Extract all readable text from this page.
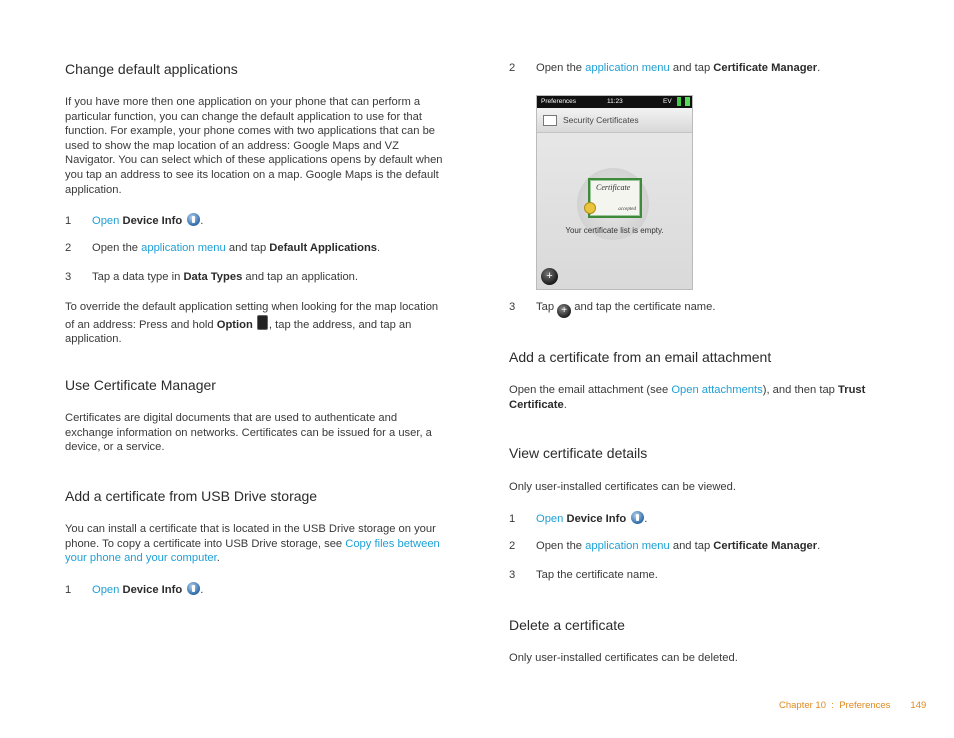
Change default applications

If you have more then one application on your phone that can perform a particular function, you can change the default application to use for that function. For example, your phone comes with two applications that can be used to show the map location of an address: Google Maps and VZ Navigator. You can select which of these applications opens by default when you tap an address to see its location on a map. Google Maps is the default application.

1 Open Device Info .
2 Open the application menu and tap Default Applications.
3 Tap a data type in Data Types and tap an application.

To override the default application setting when looking for the map location of an address: Press and hold Option , tap the address, and tap an application.

Use Certificate Manager

Certificates are digital documents that are used to authenticate and exchange information on networks. Certificates can be issued for a user, a device, or a service.

Add a certificate from USB Drive storage

You can install a certificate that is located in the USB Drive storage on your phone. To copy a certificate into USB Drive storage, see Copy files between your phone and your computer.

1 Open Device Info .
2 Open the application menu and tap Certificate Manager.
Preferences	11:23	EV
Security Certificates
Certificate
accepted
Your certificate list is empty.
+
3 Tap + and tap the certificate name.
Add a certificate from an email attachment

Open the email attachment (see Open attachments), and then tap Trust Certificate.

View certificate details

Only user-installed certificates can be viewed.

1 Open Device Info .
2 Open the application menu and tap Certificate Manager.
3 Tap the certificate name.
Delete a certificate

Only user-installed certificates can be deleted.

Chapter 10  :  Preferences 149
